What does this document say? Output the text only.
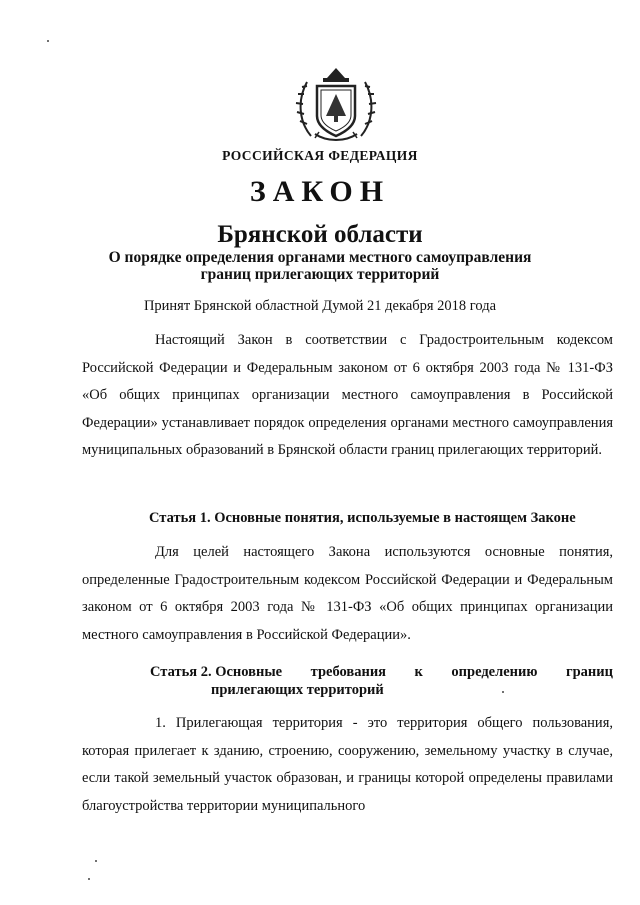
РОССИЙСКАЯ ФЕДЕРАЦИЯ
ЗАКОН
Брянской области
О порядке определения органами местного самоуправления
границ прилегающих территорий
Принят Брянской областной Думой 21 декабря 2018 года

Настоящий Закон в соответствии с Градостроительным кодексом Российской Федерации и Федеральным законом от 6 октября 2003 года № 131-ФЗ «Об общих принципах организации местного самоуправления в Российской Федерации» устанавливает порядок определения органами местного самоуправления муниципальных образований в Брянской области границ прилегающих территорий.

Статья 1. Основные понятия, используемые в настоящем Законе

Для целей настоящего Закона используются основные понятия, определенные Градостроительным кодексом Российской Федерации и Федеральным законом от 6 октября 2003 года № 131-ФЗ «Об общих принципах организации местного самоуправления в Российской Федерации».

Статья 2. Основные требования к определению границ
прилегающих территорий

1. Прилегающая территория - это территория общего пользования, которая прилегает к зданию, строению, сооружению, земельному участку в случае, если такой земельный участок образован, и границы которой определены правилами благоустройства территории муниципального
